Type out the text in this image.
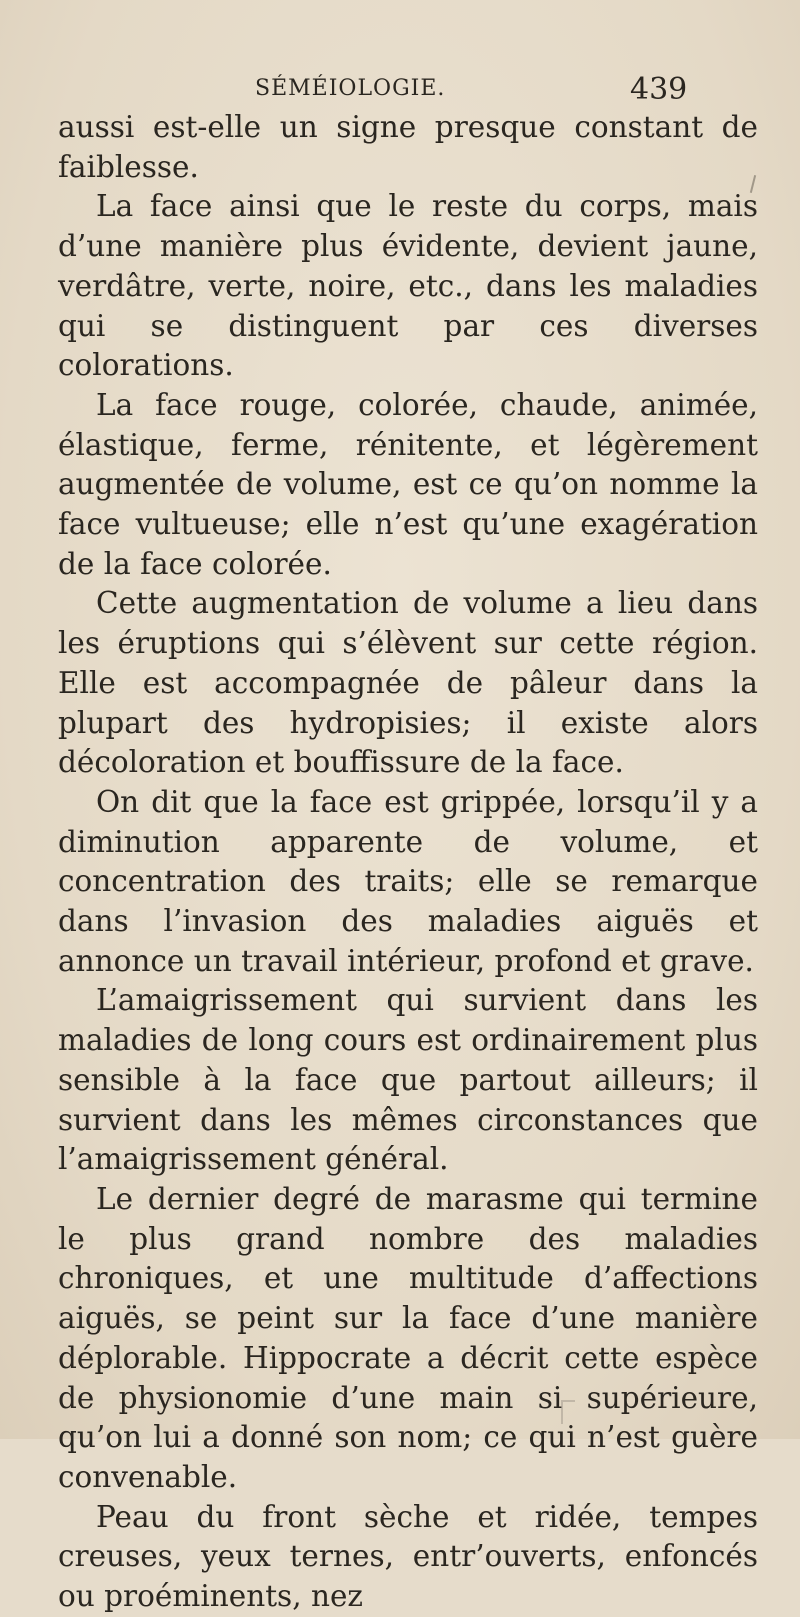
SÉMÉIOLOGIE.	439

aussi est-elle un signe presque constant de faiblesse.

La face ainsi que le reste du corps, mais d’une manière plus évidente, devient jaune, verdâtre, verte, noire, etc., dans les maladies qui se distinguent par ces diverses colorations.

La face rouge, colorée, chaude, animée, élastique, ferme, rénitente, et légèrement augmentée de volume, est ce qu’on nomme la face vultueuse; elle n’est qu’une exagération de la face colorée.

Cette augmentation de volume a lieu dans les éruptions qui s’élèvent sur cette région. Elle est accompagnée de pâleur dans la plupart des hydropisies; il existe alors décoloration et bouffissure de la face.

On dit que la face est grippée, lorsqu’il y a diminution apparente de volume, et concentration des traits; elle se remarque dans l’invasion des maladies aiguës et annonce un travail intérieur, profond et grave.

L’amaigrissement qui survient dans les maladies de long cours est ordinairement plus sensible à la face que partout ailleurs; il survient dans les mêmes circonstances que l’amaigrissement général.

Le dernier degré de marasme qui termine le plus grand nombre des maladies chroniques, et une multitude d’affections aiguës, se peint sur la face d’une manière déplorable. Hippocrate a décrit cette espèce de physionomie d’une main si supérieure, qu’on lui a donné son nom; ce qui n’est guère convenable.

Peau du front sèche et ridée, tempes creuses, yeux ternes, entr’ouverts, enfoncés ou proéminents, nez
